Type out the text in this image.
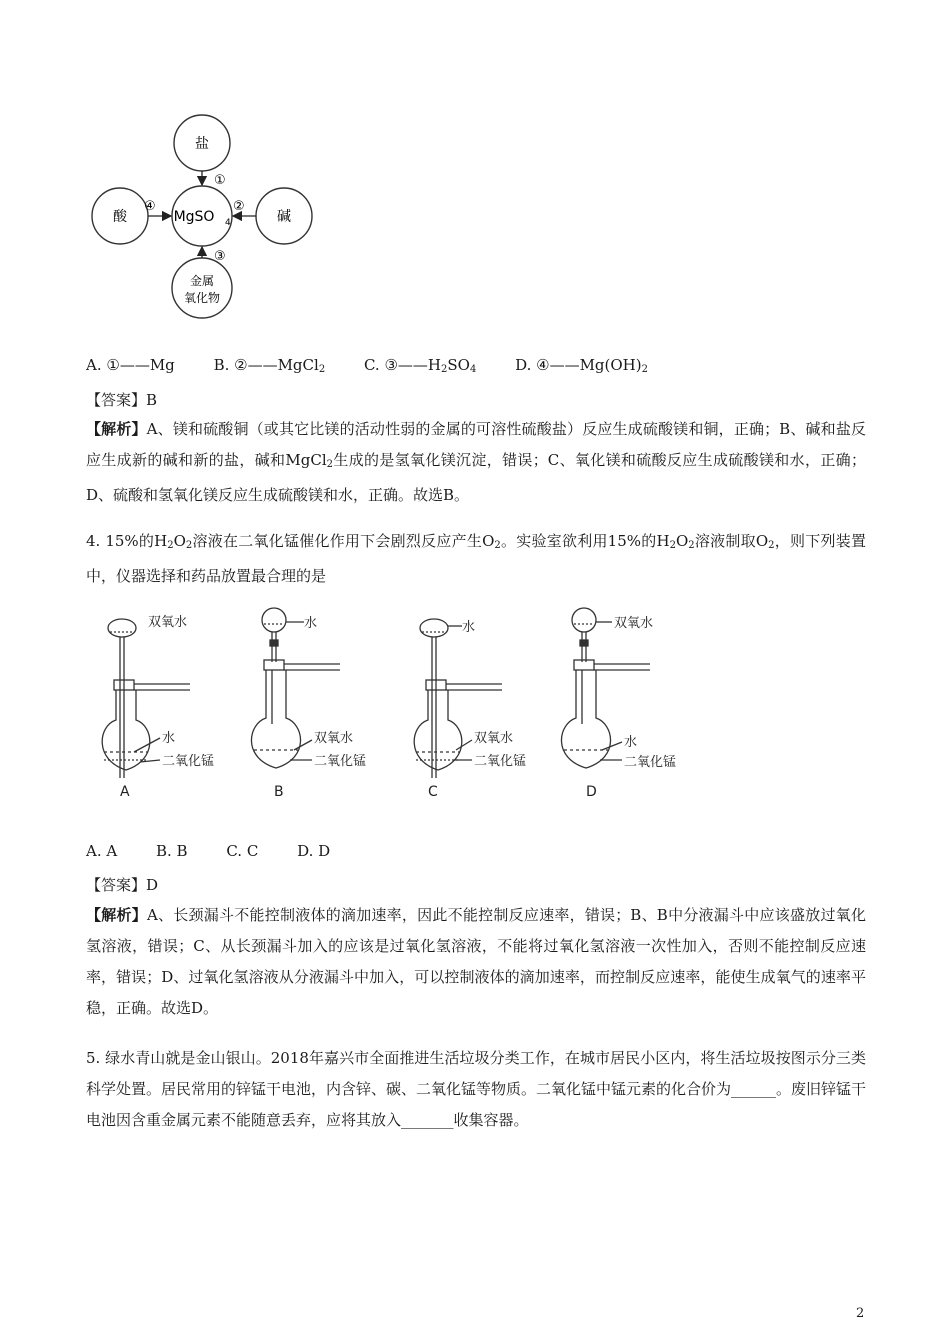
盐
酸	碱
MgSO 4
金属
氧化物
①
②
③
④
A. ①——Mg	B. ②——MgCl$_2$	C. $③——H_2SO_4$	D. $④——Mg(OH)_2$
【答案】B
【解析】A、镁和硫酸铜（或其它比镁的活动性弱的金属的可溶性硫酸盐）反应生成硫酸镁和铜，正确；B、碱和盐反应生成新的碱和新的盐，碱和MgCl$_2$生成的是氢氧化镁沉淀，错误；C、氧化镁和硫酸反应生成硫酸镁和水，正确；D、硫酸和氢氧化镁反应生成硫酸镁和水，正确。故选B。
4. 15%的$H_2O_2$溶液在二氧化锰催化作用下会剧烈反应产生$O_2$。实验室欲利用15%的$H_2O_2$溶液制取$O_2$，则下列装置中，仪器选择和药品放置最合理的是
双氧水
水
二氧化锰
A
水
双氧水
二氧化锰
B
水
双氧水
二氧化锰
C
双氧水
水
二氧化锰
D
A. A	B. B	C. C	D. D
【答案】D
【解析】A、长颈漏斗不能控制液体的滴加速率，因此不能控制反应速率，错误；B、B中分液漏斗中应该盛放过氧化氢溶液，错误；C、从长颈漏斗加入的应该是过氧化氢溶液，不能将过氧化氢溶液一次性加入，否则不能控制反应速率，错误；D、过氧化氢溶液从分液漏斗中加入，可以控制液体的滴加速率，而控制反应速率，能使生成氧气的速率平稳，正确。故选D。
5. 绿水青山就是金山银山。2018年嘉兴市全面推进生活垃圾分类工作，在城市居民小区内，将生活垃圾按图示分三类科学处置。居民常用的锌锰干电池，内含锌、碳、二氧化锰等物质。二氧化锰中锰元素的化合价为______。废旧锌锰干电池因含重金属元素不能随意丢弃，应将其放入_______收集容器。
2
